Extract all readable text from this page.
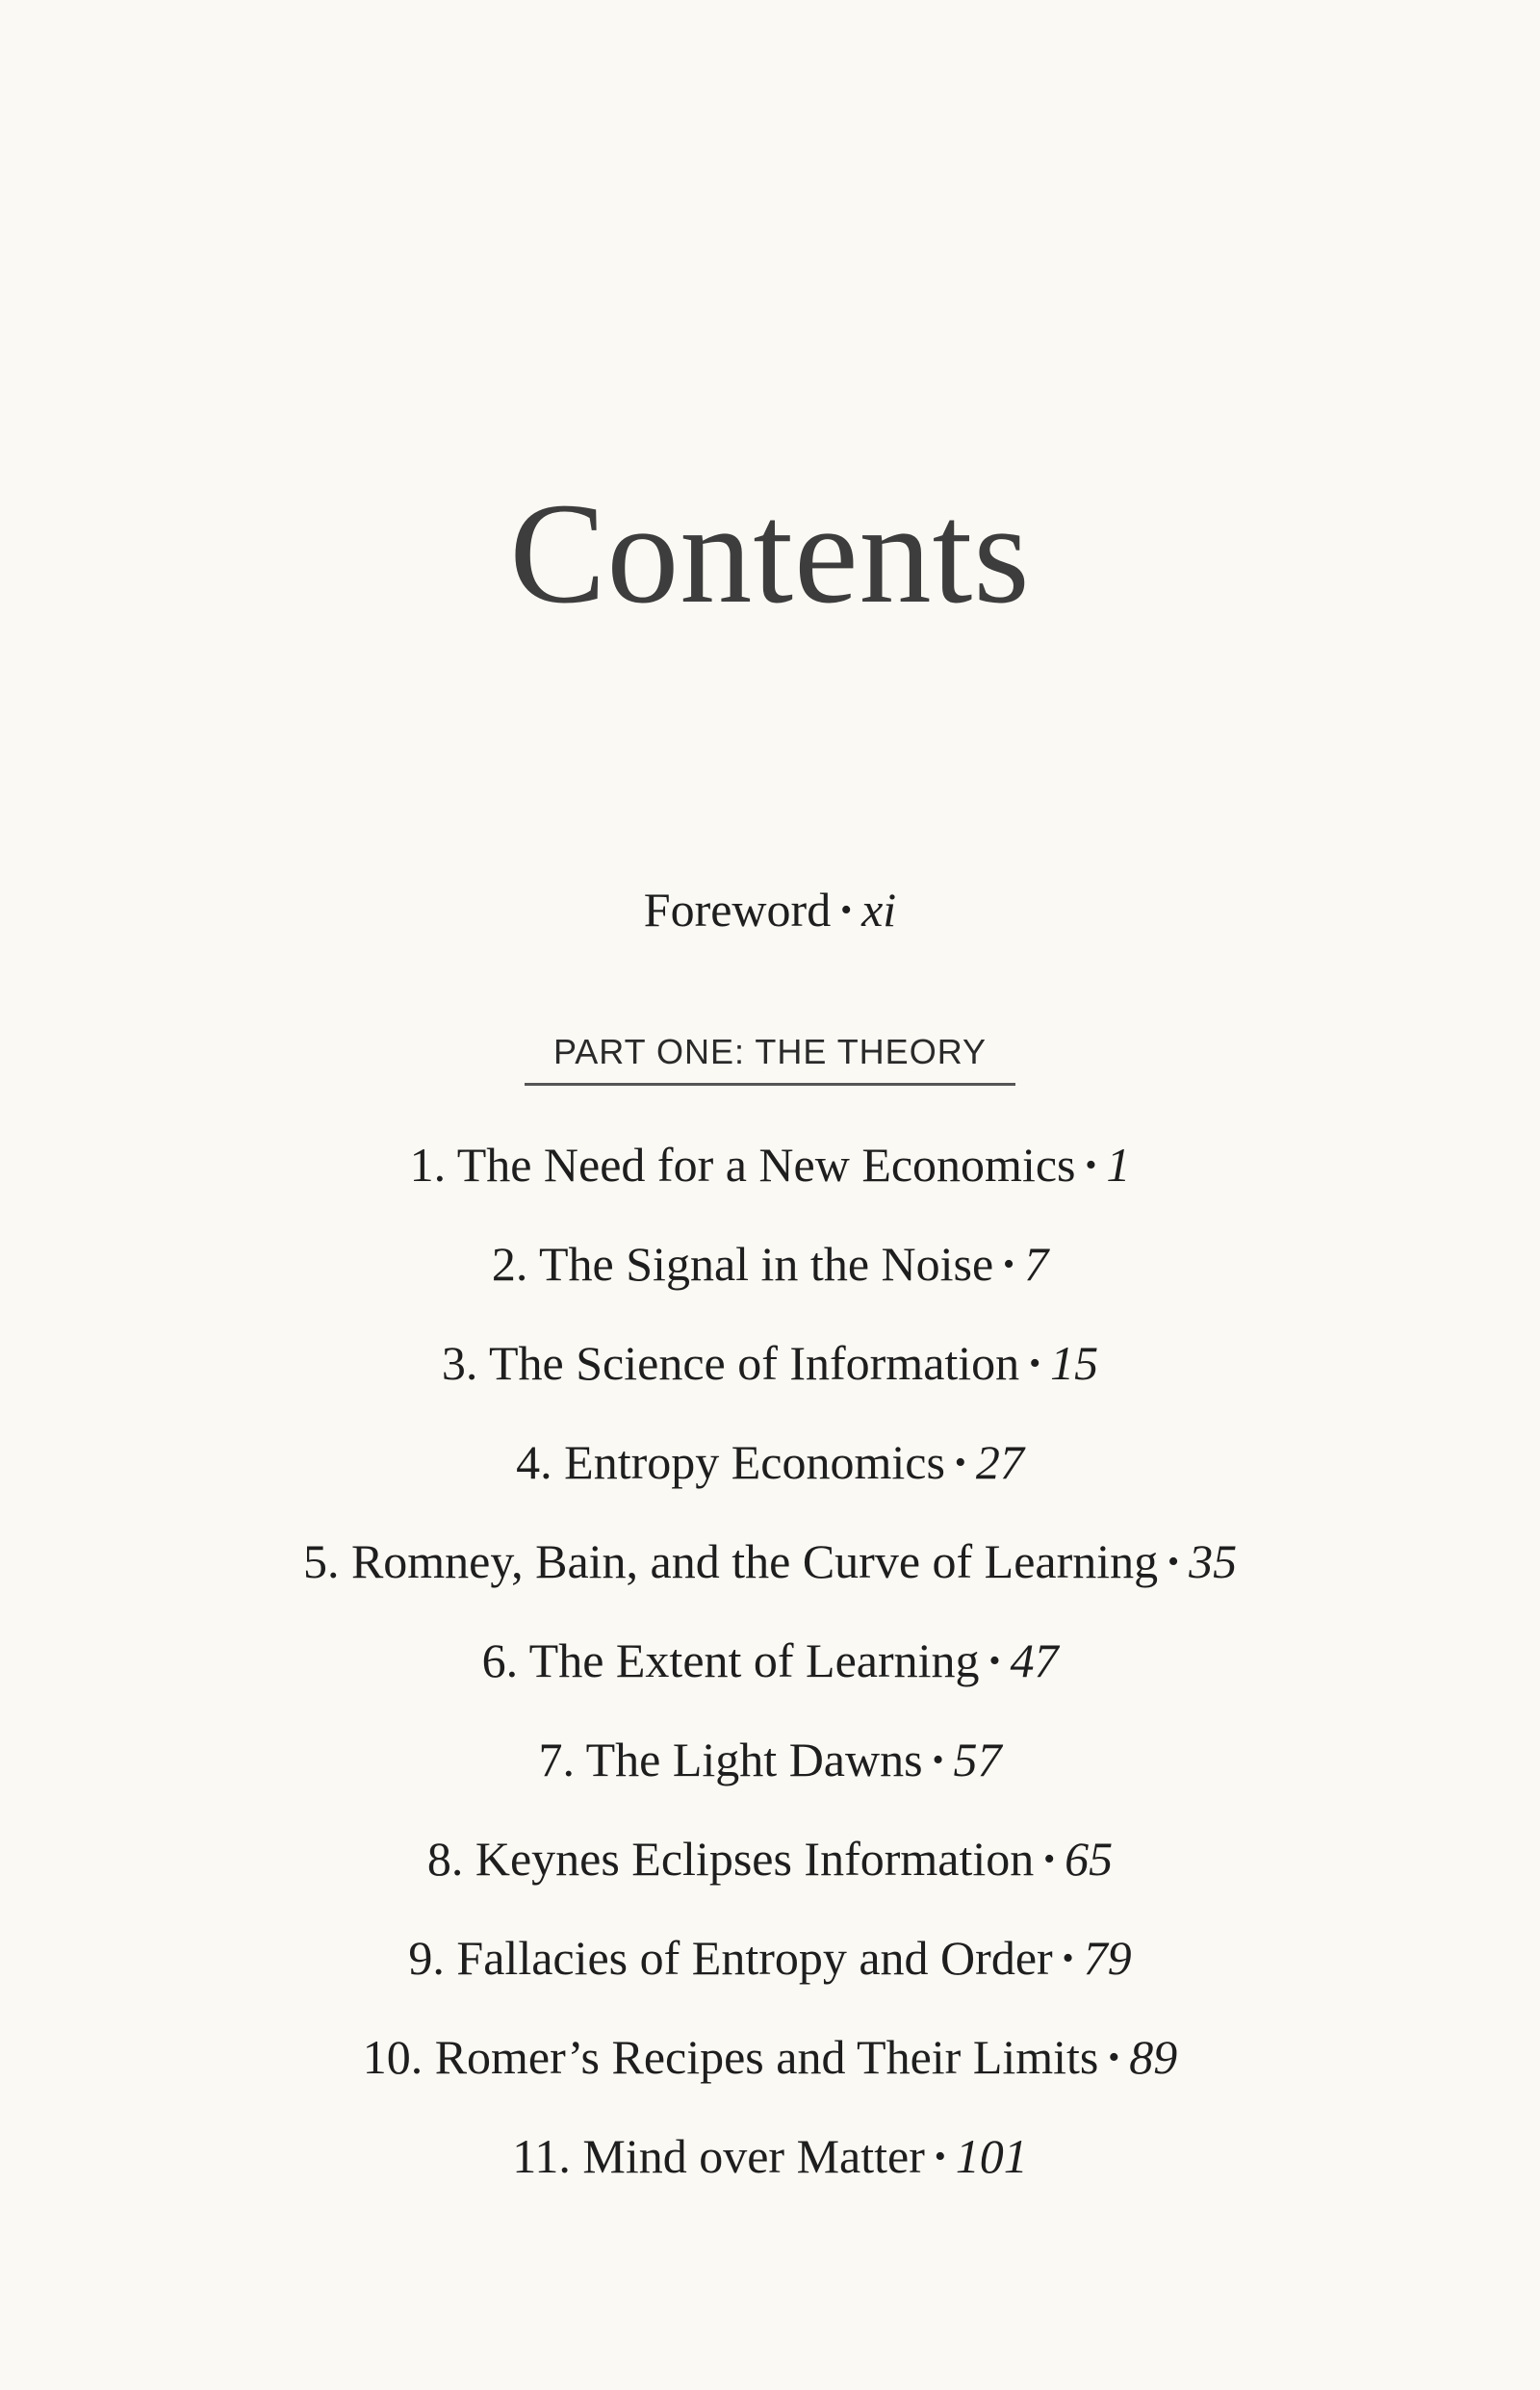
Contents
Foreword • xi
PART ONE: THE THEORY
1. The Need for a New Economics • 1
2. The Signal in the Noise • 7
3. The Science of Information • 15
4. Entropy Economics • 27
5. Romney, Bain, and the Curve of Learning • 35
6. The Extent of Learning • 47
7. The Light Dawns • 57
8. Keynes Eclipses Information • 65
9. Fallacies of Entropy and Order • 79
10. Romer’s Recipes and Their Limits • 89
11. Mind over Matter • 101
